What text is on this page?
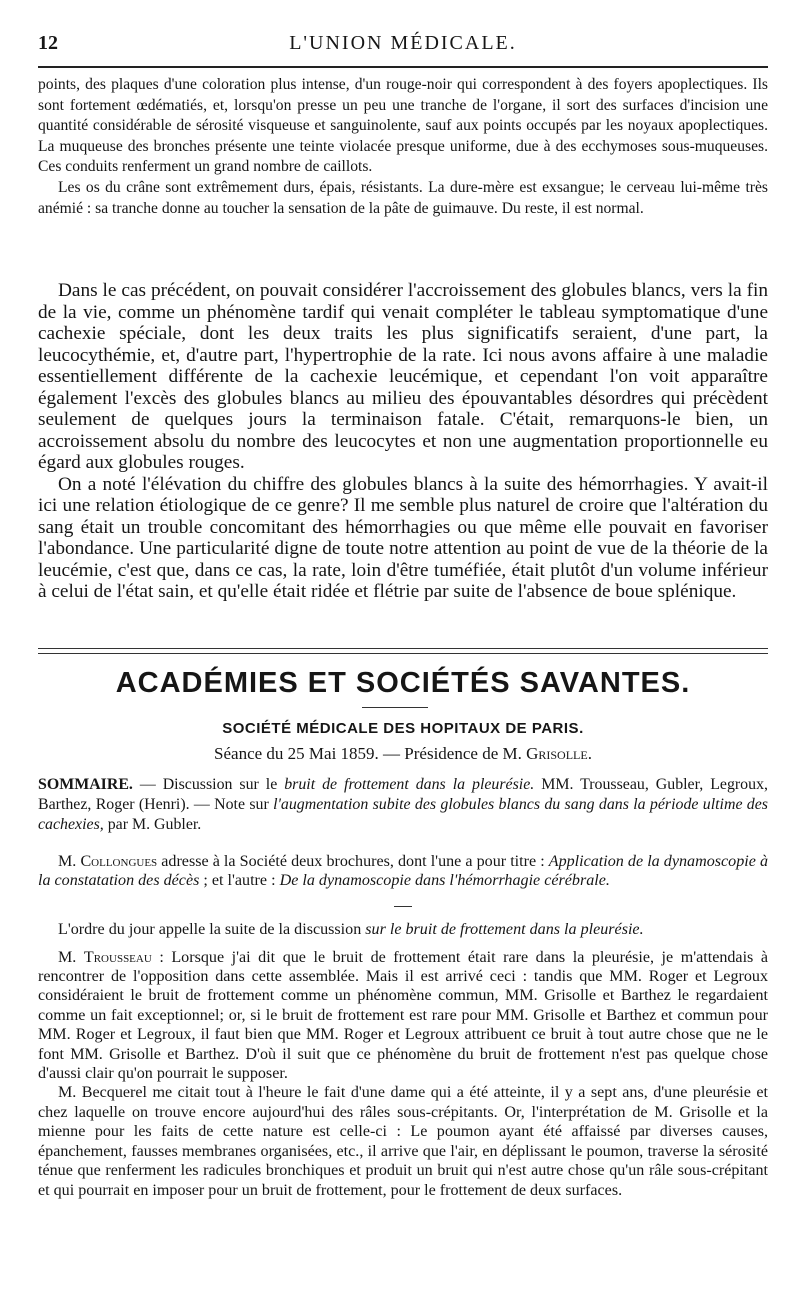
12	L'UNION MÉDICALE.

points, des plaques d'une coloration plus intense, d'un rouge-noir qui correspondent à des foyers apoplectiques. Ils sont fortement œdématiés, et, lorsqu'on presse un peu une tranche de l'organe, il sort des surfaces d'incision une quantité considérable de sérosité visqueuse et sanguinolente, sauf aux points occupés par les noyaux apoplectiques. La muqueuse des bronches présente une teinte violacée presque uniforme, due à des ecchymoses sous-muqueuses. Ces conduits renferment un grand nombre de caillots.

Les os du crâne sont extrêmement durs, épais, résistants. La dure-mère est exsangue; le cerveau lui-même très anémié : sa tranche donne au toucher la sensation de la pâte de guimauve. Du reste, il est normal.

Dans le cas précédent, on pouvait considérer l'accroissement des globules blancs, vers la fin de la vie, comme un phénomène tardif qui venait compléter le tableau symptomatique d'une cachexie spéciale, dont les deux traits les plus significatifs seraient, d'une part, la leucocythémie, et, d'autre part, l'hypertrophie de la rate. Ici nous avons affaire à une maladie essentiellement différente de la cachexie leucémique, et cependant l'on voit apparaître également l'excès des globules blancs au milieu des épouvantables désordres qui précèdent seulement de quelques jours la terminaison fatale. C'était, remarquons-le bien, un accroissement absolu du nombre des leucocytes et non une augmentation proportionnelle eu égard aux globules rouges.

On a noté l'élévation du chiffre des globules blancs à la suite des hémorrhagies. Y avait-il ici une relation étiologique de ce genre? Il me semble plus naturel de croire que l'altération du sang était un trouble concomitant des hémorrhagies ou que même elle pouvait en favoriser l'abondance. Une particularité digne de toute notre attention au point de vue de la théorie de la leucémie, c'est que, dans ce cas, la rate, loin d'être tuméfiée, était plutôt d'un volume inférieur à celui de l'état sain, et qu'elle était ridée et flétrie par suite de l'absence de boue splénique.

ACADÉMIES ET SOCIÉTÉS SAVANTES.
SOCIÉTÉ MÉDICALE DES HOPITAUX DE PARIS.
Séance du 25 Mai 1859. — Présidence de M. Grisolle.

SOMMAIRE. — Discussion sur le bruit de frottement dans la pleurésie. MM. Trousseau, Gubler, Legroux, Barthez, Roger (Henri). — Note sur l'augmentation subite des globules blancs du sang dans la période ultime des cachexies, par M. Gubler.

M. Collongues adresse à la Société deux brochures, dont l'une a pour titre : Application de la dynamoscopie à la constatation des décès ; et l'autre : De la dynamoscopie dans l'hémorrhagie cérébrale.

L'ordre du jour appelle la suite de la discussion sur le bruit de frottement dans la pleurésie.

M. Trousseau : Lorsque j'ai dit que le bruit de frottement était rare dans la pleurésie, je m'attendais à rencontrer de l'opposition dans cette assemblée. Mais il est arrivé ceci : tandis que MM. Roger et Legroux considéraient le bruit de frottement comme un phénomène commun, MM. Grisolle et Barthez le regardaient comme un fait exceptionnel; or, si le bruit de frottement est rare pour MM. Grisolle et Barthez et commun pour MM. Roger et Legroux, il faut bien que MM. Roger et Legroux attribuent ce bruit à tout autre chose que ne le font MM. Grisolle et Barthez. D'où il suit que ce phénomène du bruit de frottement n'est pas quelque chose d'aussi clair qu'on pourrait le supposer.

M. Becquerel me citait tout à l'heure le fait d'une dame qui a été atteinte, il y a sept ans, d'une pleurésie et chez laquelle on trouve encore aujourd'hui des râles sous-crépitants. Or, l'interprétation de M. Grisolle et la mienne pour les faits de cette nature est celle-ci : Le poumon ayant été affaissé par diverses causes, épanchement, fausses membranes organisées, etc., il arrive que l'air, en déplissant le poumon, traverse la sérosité ténue que renferment les radicules bronchiques et produit un bruit qui n'est autre chose qu'un râle sous-crépitant et qui pourrait en imposer pour un bruit de frottement, pour le frottement de deux surfaces.
